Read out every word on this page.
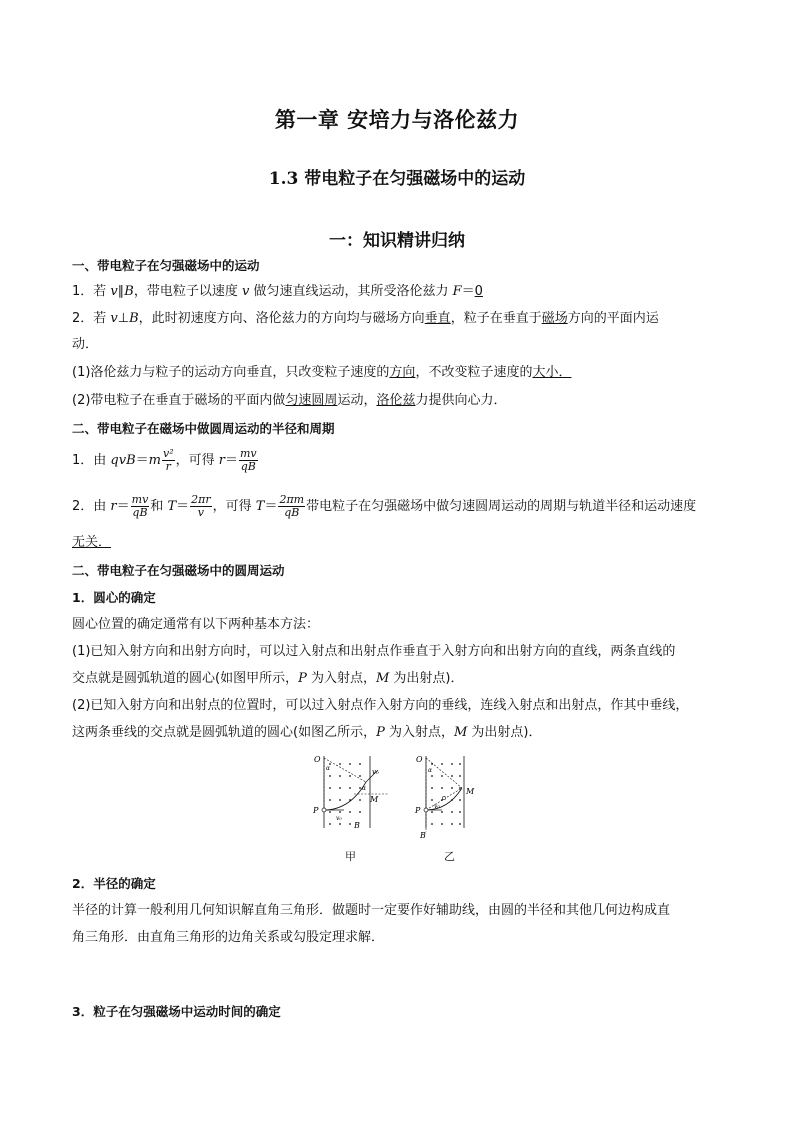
第一章 安培力与洛伦兹力
1.3 带电粒子在匀强磁场中的运动
一：知识精讲归纳
一、带电粒子在匀强磁场中的运动
1．若 v∥B，带电粒子以速度 v 做匀速直线运动，其所受洛伦兹力 F＝0
2．若 v⊥B，此时初速度方向、洛伦兹力的方向均与磁场方向垂直，粒子在垂直于磁场方向的平面内运
动．
(1)洛伦兹力与粒子的运动方向垂直，只改变粒子速度的方向，不改变粒子速度的大小．
(2)带电粒子在垂直于磁场的平面内做匀速圆周运动，洛伦兹力提供向心力．
二、带电粒子在磁场中做圆周运动的半径和周期
1．由 $qvB=m \frac{\text{v²}}{r}$ ，可得 $r= \frac{mv}{qB}$
2．由 $r= \frac{mv}{qB}$ 和 $T= \frac{2\pi r}{v}$ ，可得 $T= \frac{2\pi m}{qB}$ 带电粒子在匀强磁场中做匀速圆周运动的周期与轨道半径和运动速度
无关．
二、带电粒子在匀强磁场中的圆周运动
1．圆心的确定
圆心位置的确定通常有以下两种基本方法：
(1)已知入射方向和出射方向时，可以过入射点和出射点作垂直于入射方向和出射方向的直线，两条直线的
交点就是圆弧轨道的圆心(如图甲所示，P 为入射点，M 为出射点)．
(2)已知入射方向和出射点的位置时，可以过入射点作入射方向的垂线，连线入射点和出射点，作其中垂线，
这两条垂线的交点就是圆弧轨道的圆心(如图乙所示，P 为入射点，M 为出射点)．
O
α
α
v₀
M
P
v₀
B
O
α
M
P v₀
B
甲	乙
2．半径的确定
半径的计算一般利用几何知识解直角三角形．做题时一定要作好辅助线，由圆的半径和其他几何边构成直
角三角形．由直角三角形的边角关系或勾股定理求解．
3．粒子在匀强磁场中运动时间的确定
